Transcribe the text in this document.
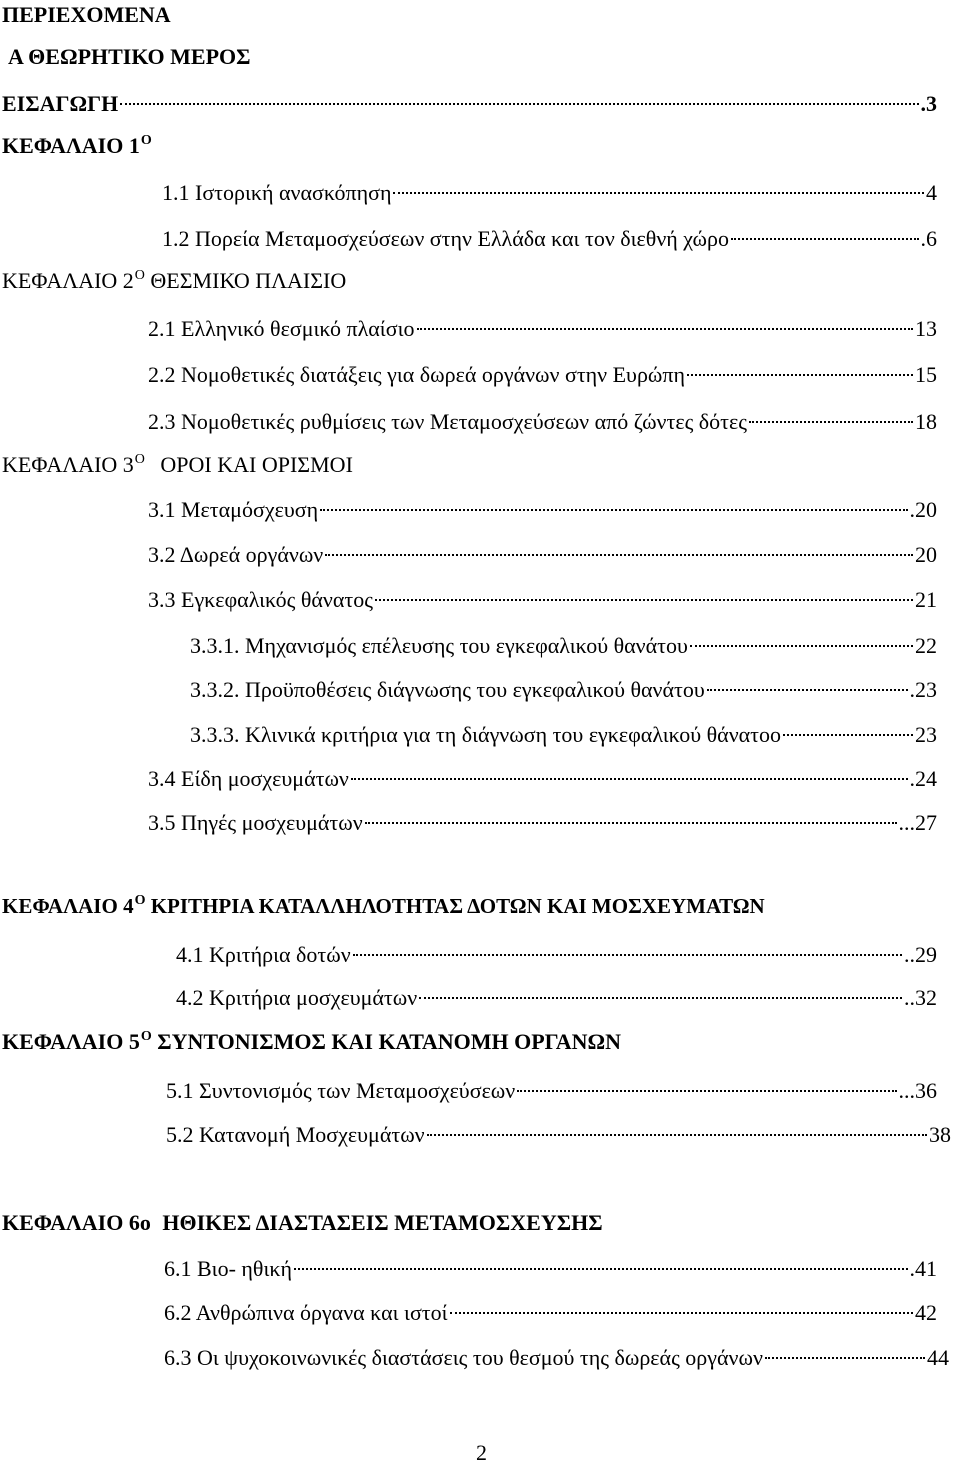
ΠΕΡΙΕΧΟΜΕΝΑ
Α ΘΕΩΡΗΤΙΚΟ ΜΕΡΟΣ
ΕΙΣΑΓΩΓΗ	.3
ΚΕΦΑΛΑΙΟ $1^O$
1.1 Ιστορική ανασκόπηση	4
1.2 Πορεία Μεταμοσχεύσεων στην Ελλάδα και τον διεθνή χώρο	.6
ΚΕΦΑΛΑΙΟ $2^O$ ΘΕΣΜΙΚΟ ΠΛΑΙΣΙΟ
2.1 Ελληνικό θεσμικό πλαίσιο	13
2.2 Νομοθετικές διατάξεις για δωρεά οργάνων στην Ευρώπη	15
2.3 Νομοθετικές ρυθμίσεις των Μεταμοσχεύσεων από ζώντες δότες	18
ΚΕΦΑΛΑΙΟ $3^O$ ΟΡΟΙ ΚΑΙ ΟΡΙΣΜΟΙ
3.1 Μεταμόσχευση	.20
3.2 Δωρεά οργάνων	20
3.3 Εγκεφαλικός θάνατος	21
3.3.1. Μηχανισμός επέλευσης του εγκεφαλικού θανάτου	22
3.3.2. Προϋποθέσεις διάγνωσης του εγκεφαλικού θανάτου	.23
3.3.3. Κλινικά κριτήρια για τη διάγνωση του εγκεφαλικού θάνατοο	23
3.4 Είδη μοσχευμάτων	.24
3.5 Πηγές μοσχευμάτων	...27
ΚΕΦΑΛΑΙΟ $4^O$ ΚΡΙΤΗΡΙΑ ΚΑΤΑΛΛΗΛΟΤΗΤΑΣ ΔΟΤΩΝ ΚΑΙ ΜΟΣΧΕΥΜΑΤΩΝ
4.1 Κριτήρια δοτών	..29
4.2 Κριτήρια μοσχευμάτων	..32
ΚΕΦΑΛΑΙΟ $5^O$ ΣΥΝΤΟΝΙΣΜΟΣ ΚΑΙ ΚΑΤΑΝΟΜΗ ΟΡΓΑΝΩΝ
5.1 Συντονισμός των Μεταμοσχεύσεων	...36
5.2 Κατανομή Μοσχευμάτων	38
ΚΕΦΑΛΑΙΟ 6ο ΗΘΙΚΕΣ ΔΙΑΣΤΑΣΕΙΣ ΜΕΤΑΜΟΣΧΕΥΣΗΣ
6.1 Βιο- ηθική	.41
6.2 Ανθρώπινα όργανα και ιστοί	42
6.3 Οι ψυχοκοινωνικές διαστάσεις του θεσμού της δωρεάς οργάνων	44
2
